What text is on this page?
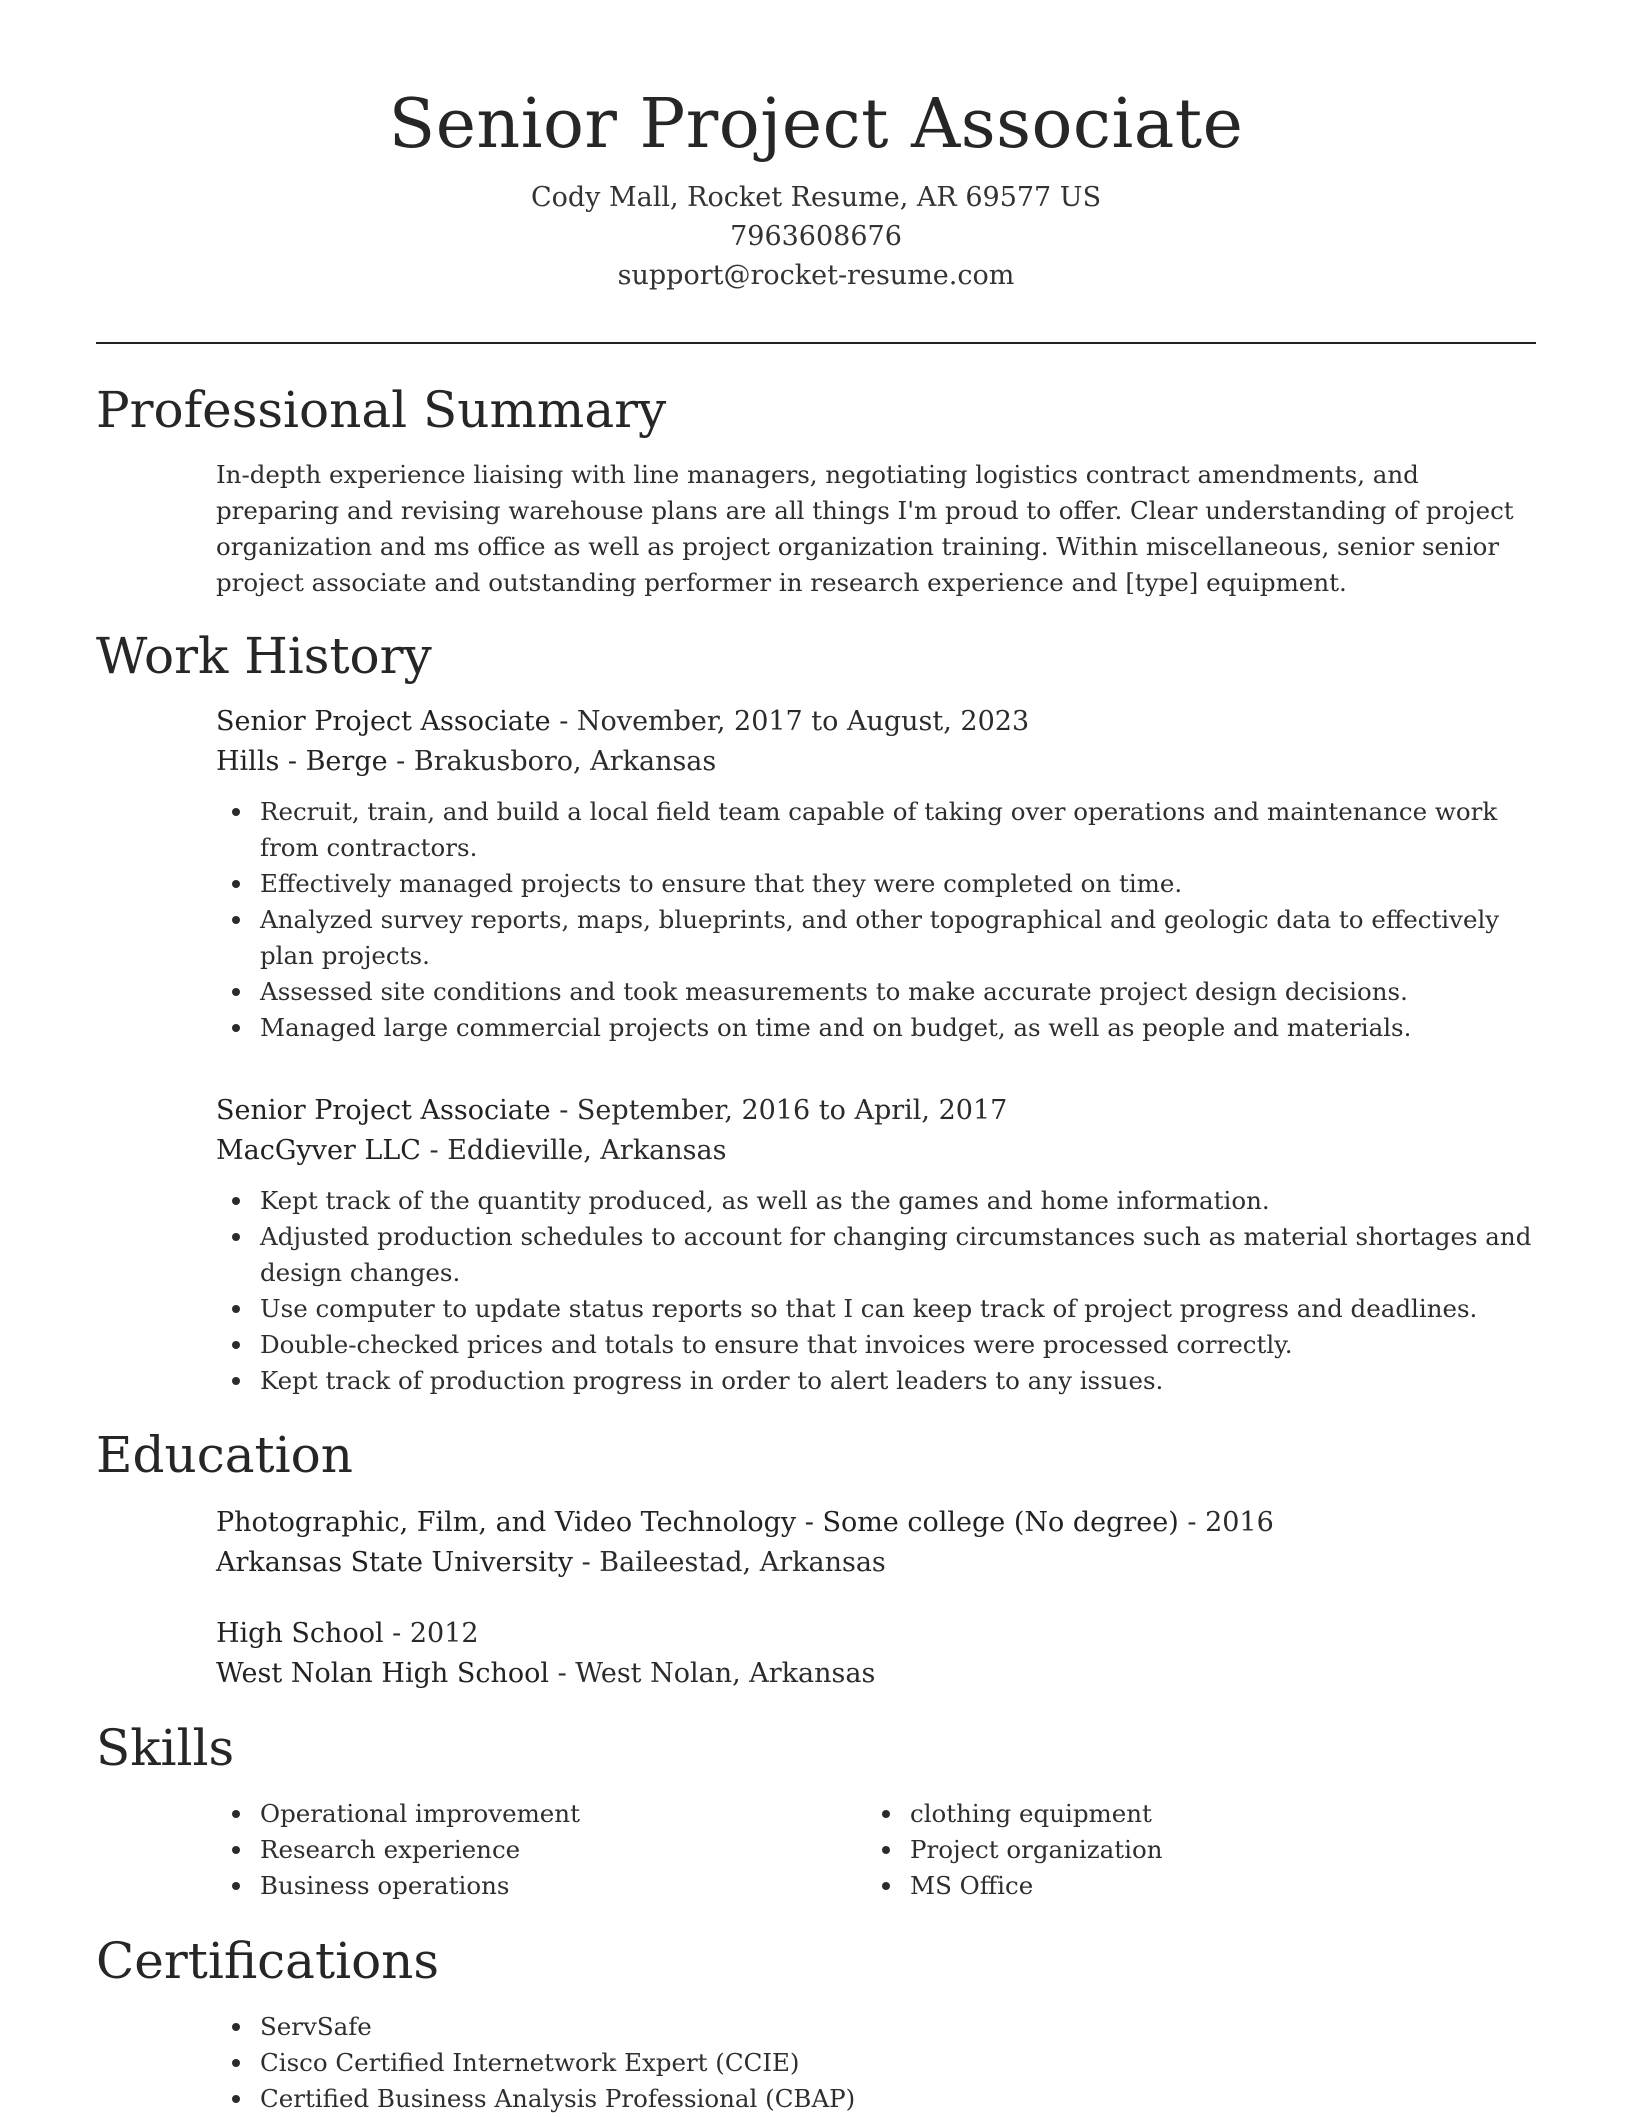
Senior Project Associate
Cody Mall, Rocket Resume, AR 69577 US
7963608676
support@rocket-resume.com
Professional Summary

In-depth experience liaising with line managers, negotiating logistics contract amendments, and preparing and revising warehouse plans are all things I'm proud to offer. Clear understanding of project organization and ms office as well as project organization training. Within miscellaneous, senior senior project associate and outstanding performer in research experience and [type] equipment.

Work History
Senior Project Associate - November, 2017 to August, 2023
Hills - Berge - Brakusboro, Arkansas
Recruit, train, and build a local field team capable of taking over operations and maintenance work from contractors.
Effectively managed projects to ensure that they were completed on time.
Analyzed survey reports, maps, blueprints, and other topographical and geologic data to effectively plan projects.
Assessed site conditions and took measurements to make accurate project design decisions.
Managed large commercial projects on time and on budget, as well as people and materials.
Senior Project Associate - September, 2016 to April, 2017
MacGyver LLC - Eddieville, Arkansas
Kept track of the quantity produced, as well as the games and home information.
Adjusted production schedules to account for changing circumstances such as material shortages and design changes.
Use computer to update status reports so that I can keep track of project progress and deadlines.
Double-checked prices and totals to ensure that invoices were processed correctly.
Kept track of production progress in order to alert leaders to any issues.
Education
Photographic, Film, and Video Technology - Some college (No degree) - 2016
Arkansas State University - Baileestad, Arkansas
High School - 2012
West Nolan High School - West Nolan, Arkansas
Skills
Operational improvement
Research experience
Business operations
clothing equipment
Project organization
MS Office
Certifications
ServSafe
Cisco Certified Internetwork Expert (CCIE)
Certified Business Analysis Professional (CBAP)
